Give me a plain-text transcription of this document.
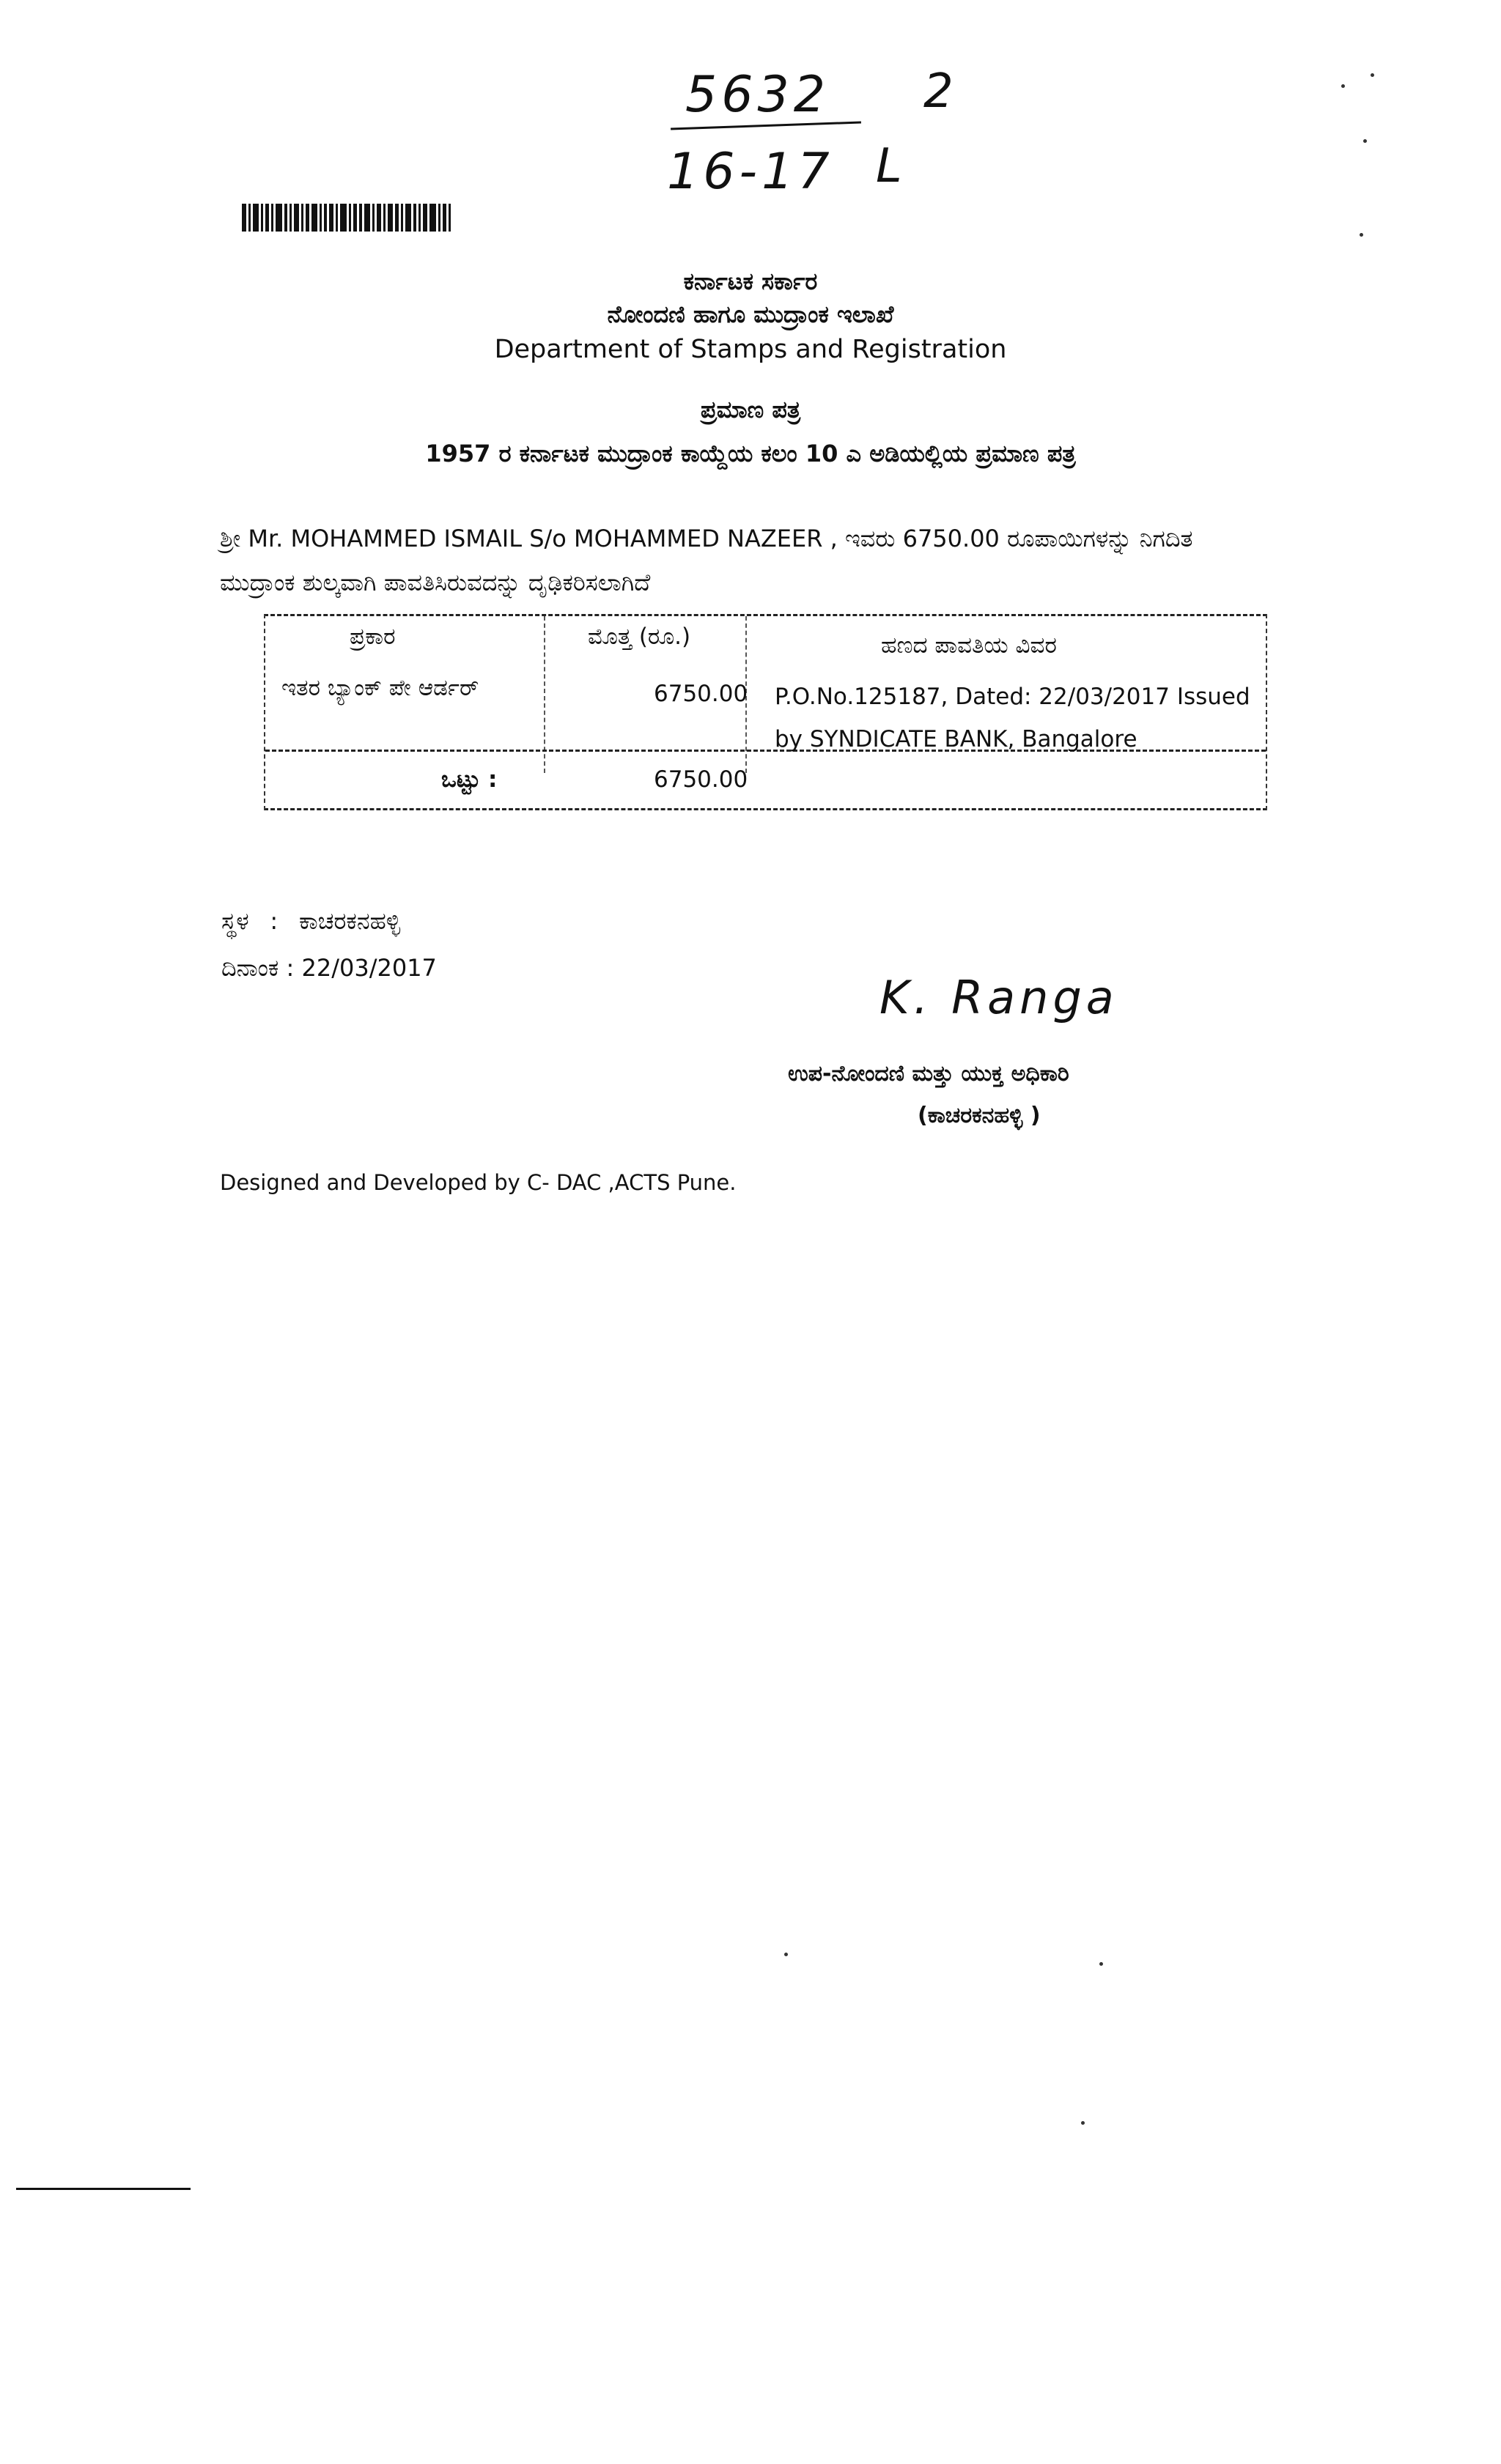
5632 2
16-17 L
ಕರ್ನಾಟಕ ಸರ್ಕಾರ
ನೋಂದಣಿ ಹಾಗೂ ಮುದ್ರಾಂಕ ಇಲಾಖೆ
Department of Stamps and Registration
ಪ್ರಮಾಣ ಪತ್ರ
1957 ರ ಕರ್ನಾಟಕ ಮುದ್ರಾಂಕ ಕಾಯ್ದೆಯ ಕಲಂ 10 ಎ ಅಡಿಯಲ್ಲಿಯ ಪ್ರಮಾಣ ಪತ್ರ
ಶ್ರೀ Mr. MOHAMMED ISMAIL S/o MOHAMMED NAZEER , ಇವರು 6750.00 ರೂಪಾಯಿಗಳನ್ನು ನಿಗದಿತ
ಮುದ್ರಾಂಕ ಶುಲ್ಕವಾಗಿ ಪಾವತಿಸಿರುವದನ್ನು ದೃಢಿಕರಿಸಲಾಗಿದೆ
ಪ್ರಕಾರ	ಮೊತ್ತ (ರೂ.)	ಹಣದ ಪಾವತಿಯ ವಿವರ
ಇತರ ಬ್ಯಾಂಕ್ ಪೇ ಆರ್ಡರ್	6750.00 P.O.No.125187, Dated: 22/03/2017 Issued
by SYNDICATE BANK, Bangalore
ಒಟ್ಟು :	6750.00
ಸ್ಥಳ : ಕಾಚರಕನಹಳ್ಳಿ
ದಿನಾಂಕ : 22/03/2017
K. Ranga
ಉಪ-ನೋಂದಣಿ ಮತ್ತು ಯುಕ್ತ ಅಧಿಕಾರಿ
(ಕಾಚರಕನಹಳ್ಳಿ )
Designed and Developed by C- DAC ,ACTS Pune.
